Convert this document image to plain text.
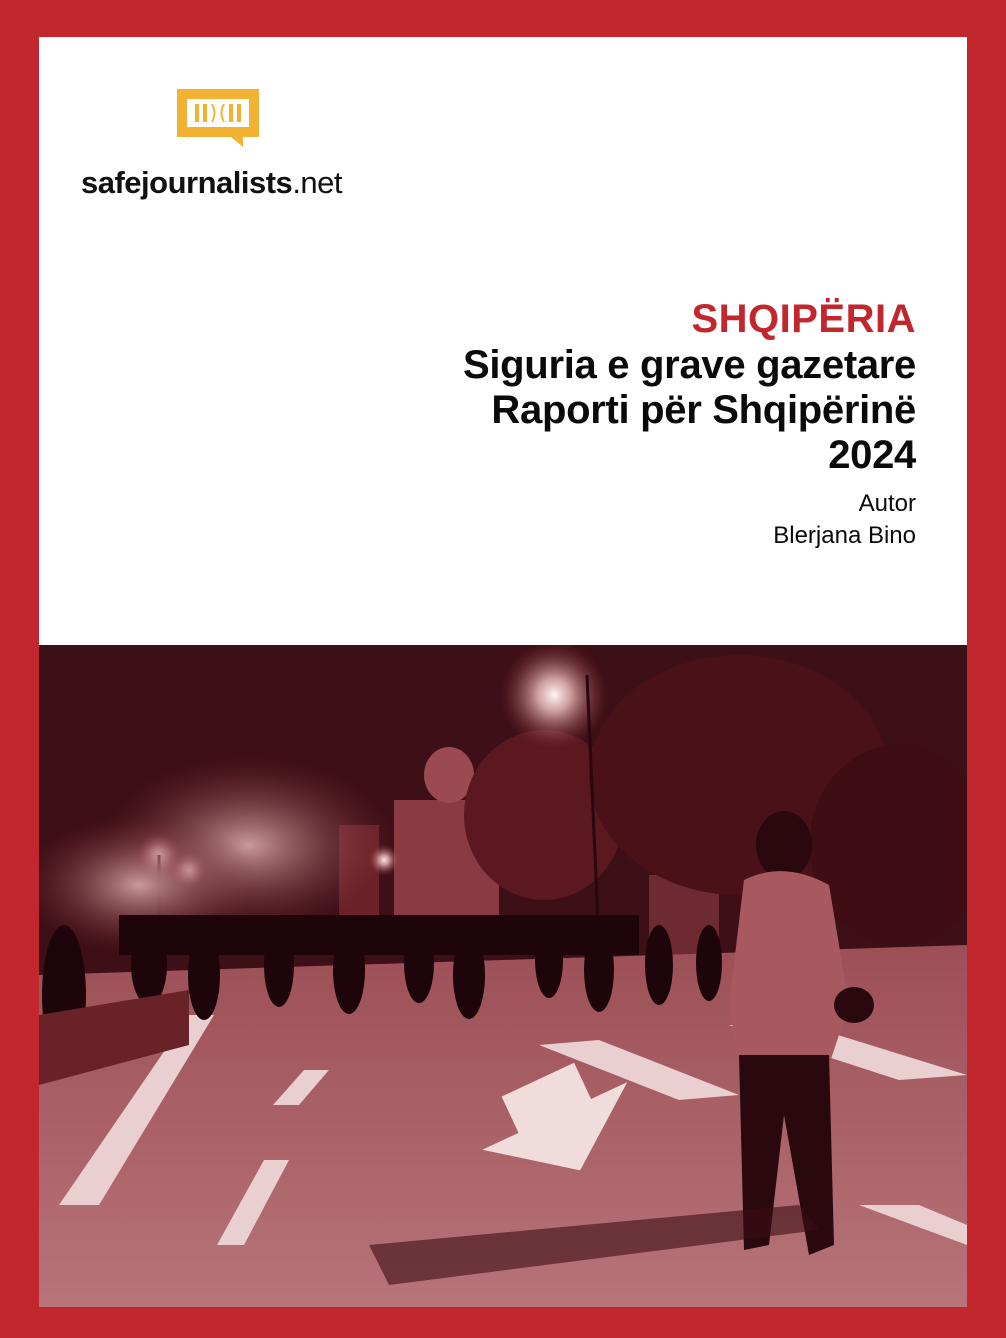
safejournalists.net
SHQIPËRIA
Siguria e grave gazetare
Raporti për Shqipërinë
2024
Autor
Blerjana Bino
